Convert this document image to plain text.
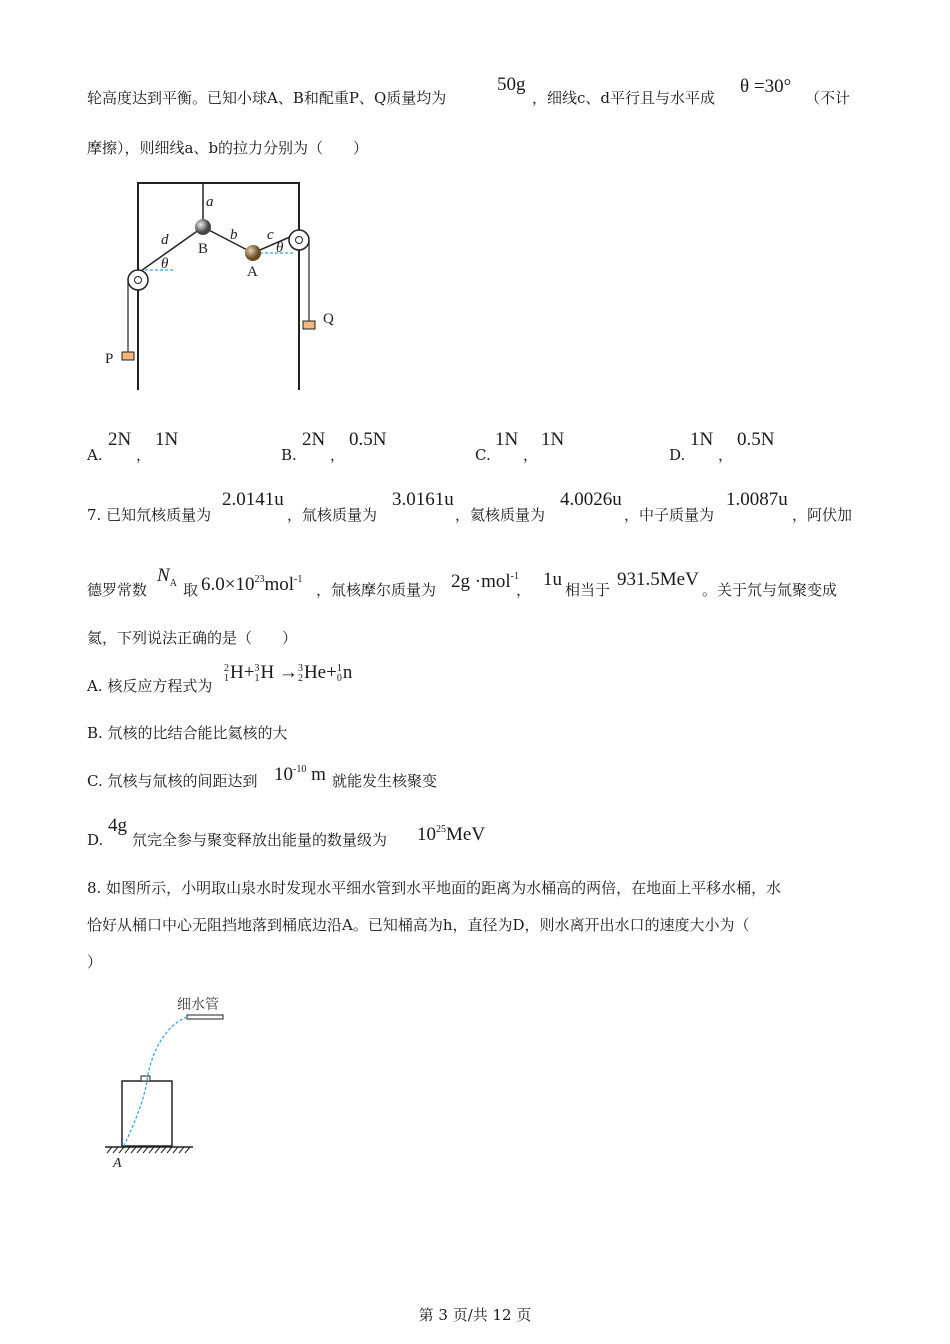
轮高度达到平衡。已知小球A、B和配重P、Q质量均为
50g
，细线c、d平行且与水平成
θ =30°
（不计
摩擦），则细线a、b的拉力分别为（　　）
a
d
B
b c
A
θ
θ
P
Q
A.
2N
，
1N
B.
2N
，
0.5N
C.
1N
，
1N
D.
1N
，
0.5N
7. 已知氘核质量为
2.0141u
，氚核质量为
3.0161u
，氦核质量为
4.0026u
，中子质量为
1.0087u
，阿伏加
德罗常数
$N_A$ 取 $6.0\times 10^{23}mol^{-1}$
，氚核摩尔质量为 2g ·mol$^{-1}$
， 1u 相当于 931.5MeV 。关于氘与氚聚变成
氦，下列说法正确的是（　　）
A. 核反应方程式为
2
1H+3
1H →3
2He+1
0n
B. 氘核的比结合能比氦核的大
C. 氘核与氚核的间距达到 $10^{-10}$ m 就能发生核聚变
D.
4g
氘完全参与聚变释放出能量的数量级为 $10^{25}MeV$
8. 如图所示，小明取山泉水时发现水平细水管到水平地面的距离为水桶高的两倍，在地面上平移水桶，水
恰好从桶口中心无阻挡地落到桶底边沿A。已知桶高为h，直径为D，则水离开出水口的速度大小为（
）
细水管
A
第 3 页/共 12 页
